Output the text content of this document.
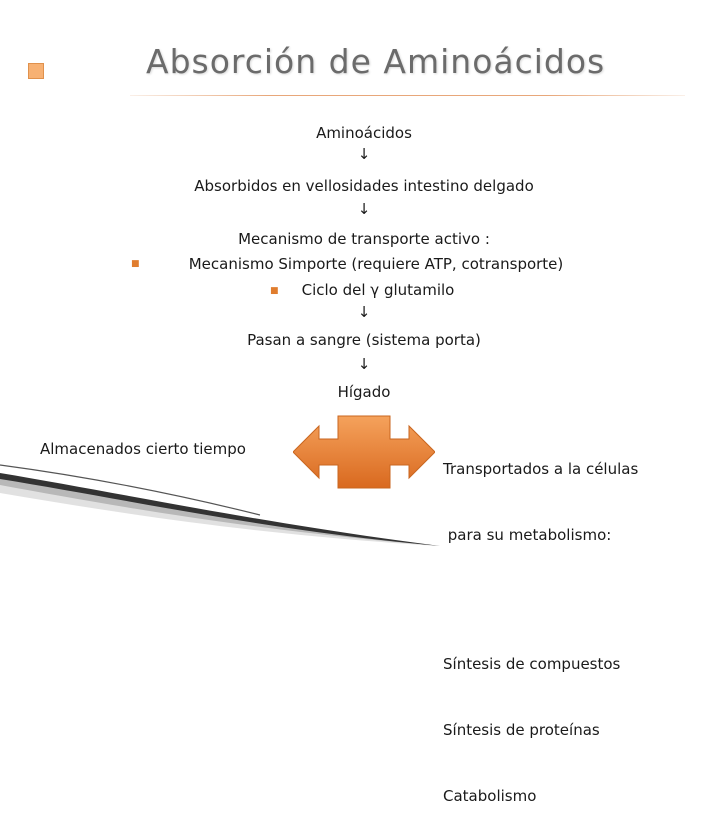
Absorción de Aminoácidos
Aminoácidos
↓
Absorbidos en vellosidades intestino delgado
↓
Mecanismo de transporte activo :
■	Mecanismo Simporte (requiere ATP, cotransporte)
■	Ciclo del γ glutamilo
↓
Pasan a sangre (sistema porta)
↓
Hígado
Almacenados cierto tiempo

Transportados a la células

para su metabolismo:

Síntesis de compuestos

Síntesis de proteínas

Catabolismo
